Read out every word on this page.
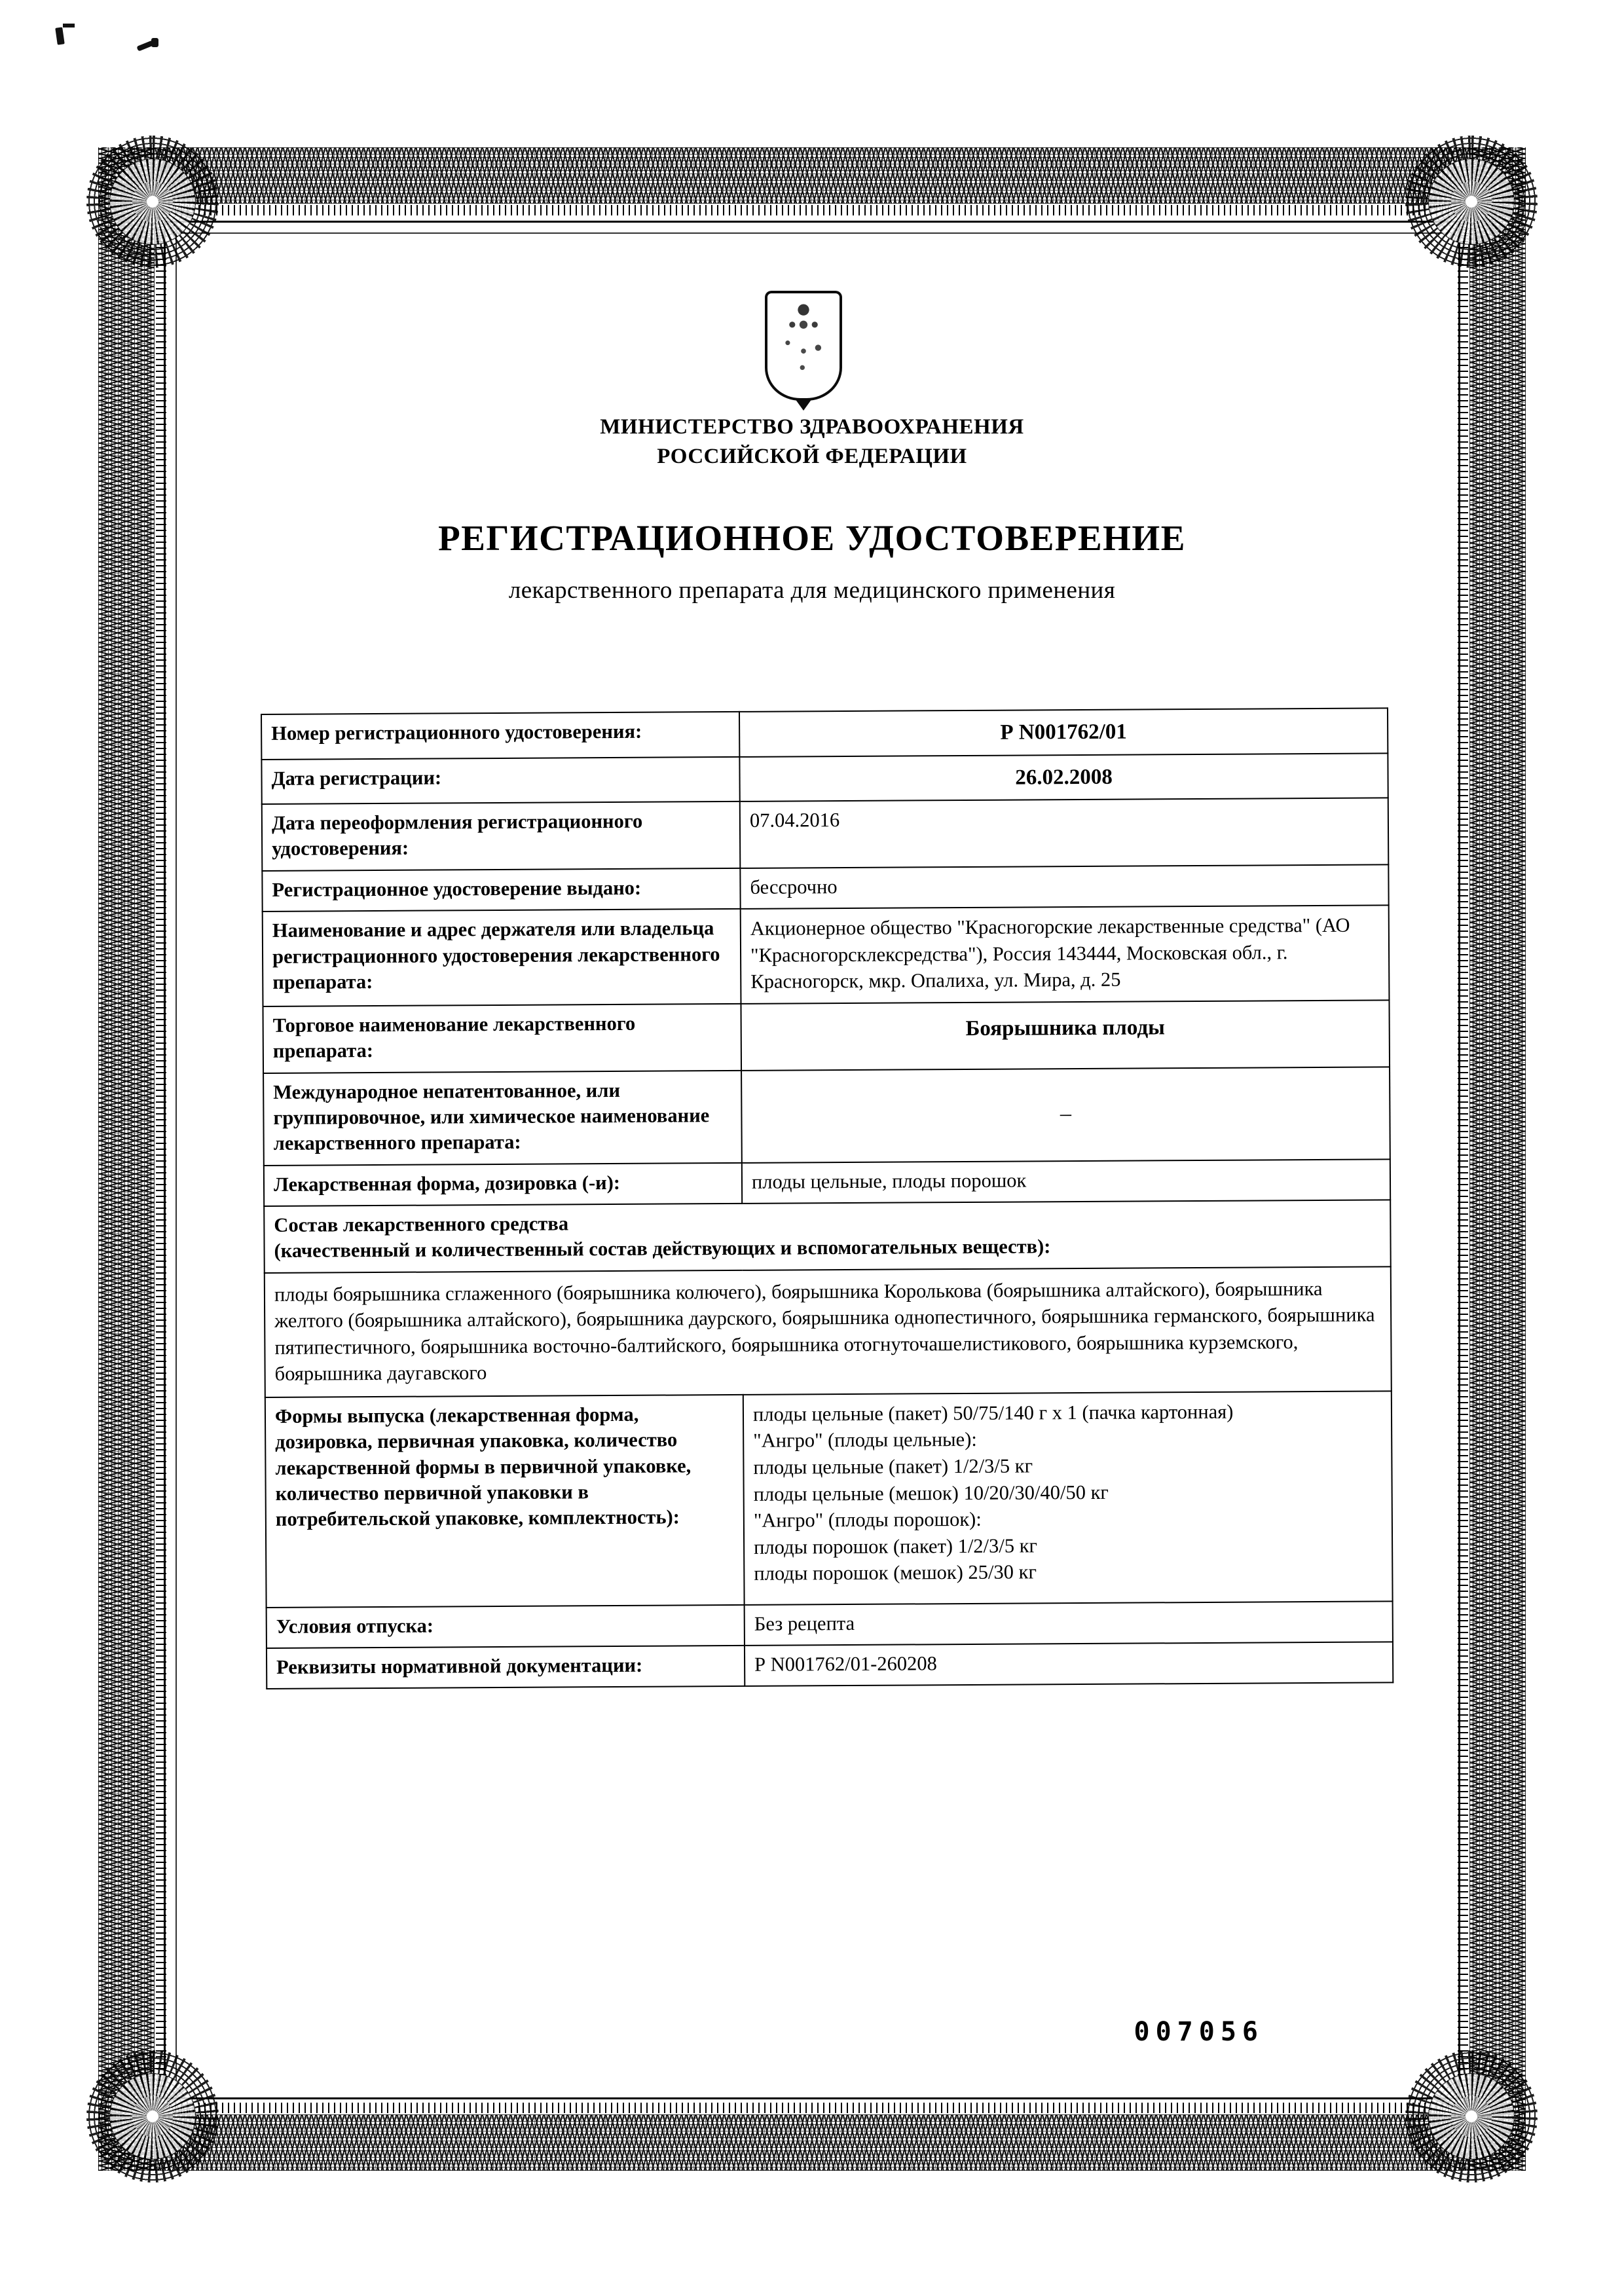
МИНИСТЕРСТВО ЗДРАВООХРАНЕНИЯ
РОССИЙСКОЙ ФЕДЕРАЦИИ
РЕГИСТРАЦИОННОЕ УДОСТОВЕРЕНИЕ
лекарственного препарата для медицинского применения
Номер регистрационного удостоверения:	Р N001762/01
Дата регистрации:	26.02.2008
Дата переоформления регистрационного удостоверения:	07.04.2016
Регистрационное удостоверение выдано:	бессрочно
Наименование и адрес держателя или владельца регистрационного удостоверения лекарственного препарата:	Акционерное общество "Красногорские лекарственные средства" (АО "Красногорсклексредства"), Россия 143444, Московская обл., г. Красногорск, мкр. Опалиха, ул. Мира, д. 25
Торговое наименование лекарственного препарата:	Боярышника плоды
Международное непатентованное, или группировочное, или химическое наименование лекарственного препарата:	–
Лекарственная форма, дозировка (-и):	плоды цельные, плоды порошок

Состав лекарственного средства
(качественный и количественный состав действующих и вспомогательных веществ):	

плоды боярышника сглаженного (боярышника колючего), боярышника Королькова (боярышника алтайского), боярышника желтого (боярышника алтайского), боярышника даурского, боярышника однопестичного, боярышника германского, боярышника пятипестичного, боярышника восточно-балтийского, боярышника отогнуточашелистикового, боярышника курземского, боярышника даугавского	
Формы выпуска (лекарственная форма, дозировка, первичная упаковка, количество лекарственной формы в первичной упаковке, количество первичной упаковки в потребительской упаковке, комплектность):	
плоды цельные (пакет) 50/75/140 г х 1 (пачка картонная)
"Ангро" (плоды цельные):
плоды цельные (пакет) 1/2/3/5 кг
плоды цельные (мешок) 10/20/30/40/50 кг
"Ангро" (плоды порошок):
плоды порошок (пакет) 1/2/3/5 кг
плоды порошок (мешок) 25/30 кг

Условия отпуска:	Без рецепта
Реквизиты нормативной документации:	Р N001762/01-260208
007056
